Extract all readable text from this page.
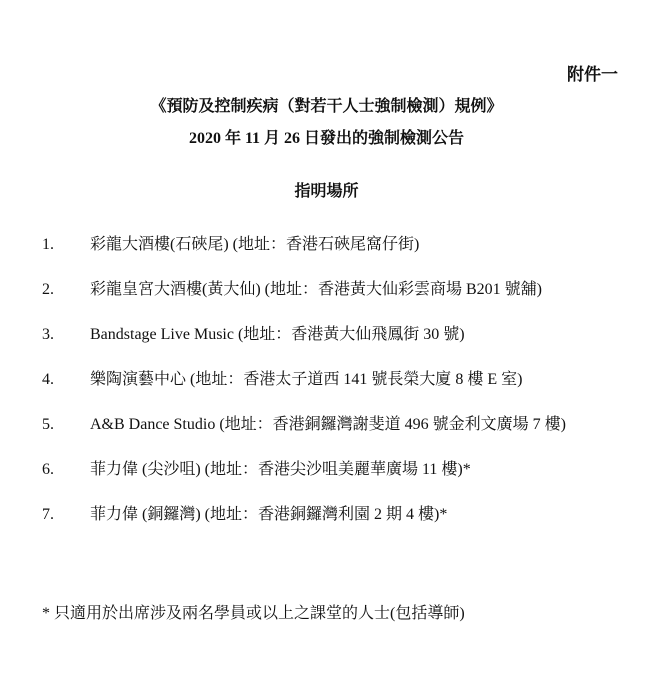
附件一
《預防及控制疾病（對若干人士強制檢測）規例》
2020 年 11 月 26 日發出的強制檢測公告
指明場所
1.	彩龍大酒樓(石硤尾) (地址：香港石硤尾窩仔街)
2.	彩龍皇宮大酒樓(黃大仙) (地址：香港黃大仙彩雲商場 B201 號舖)
3.	Bandstage Live Music (地址：香港黃大仙飛鳳街 30 號)
4.	樂陶演藝中心 (地址：香港太子道西 141 號長榮大廈 8 樓 E 室)
5.	A&B Dance Studio (地址：香港銅鑼灣謝斐道 496 號金利文廣場 7 樓)
6.	菲力偉 (尖沙咀) (地址：香港尖沙咀美麗華廣場 11 樓)*
7.	菲力偉 (銅鑼灣) (地址：香港銅鑼灣利園 2 期 4 樓)*
* 只適用於出席涉及兩名學員或以上之課堂的人士(包括導師)
